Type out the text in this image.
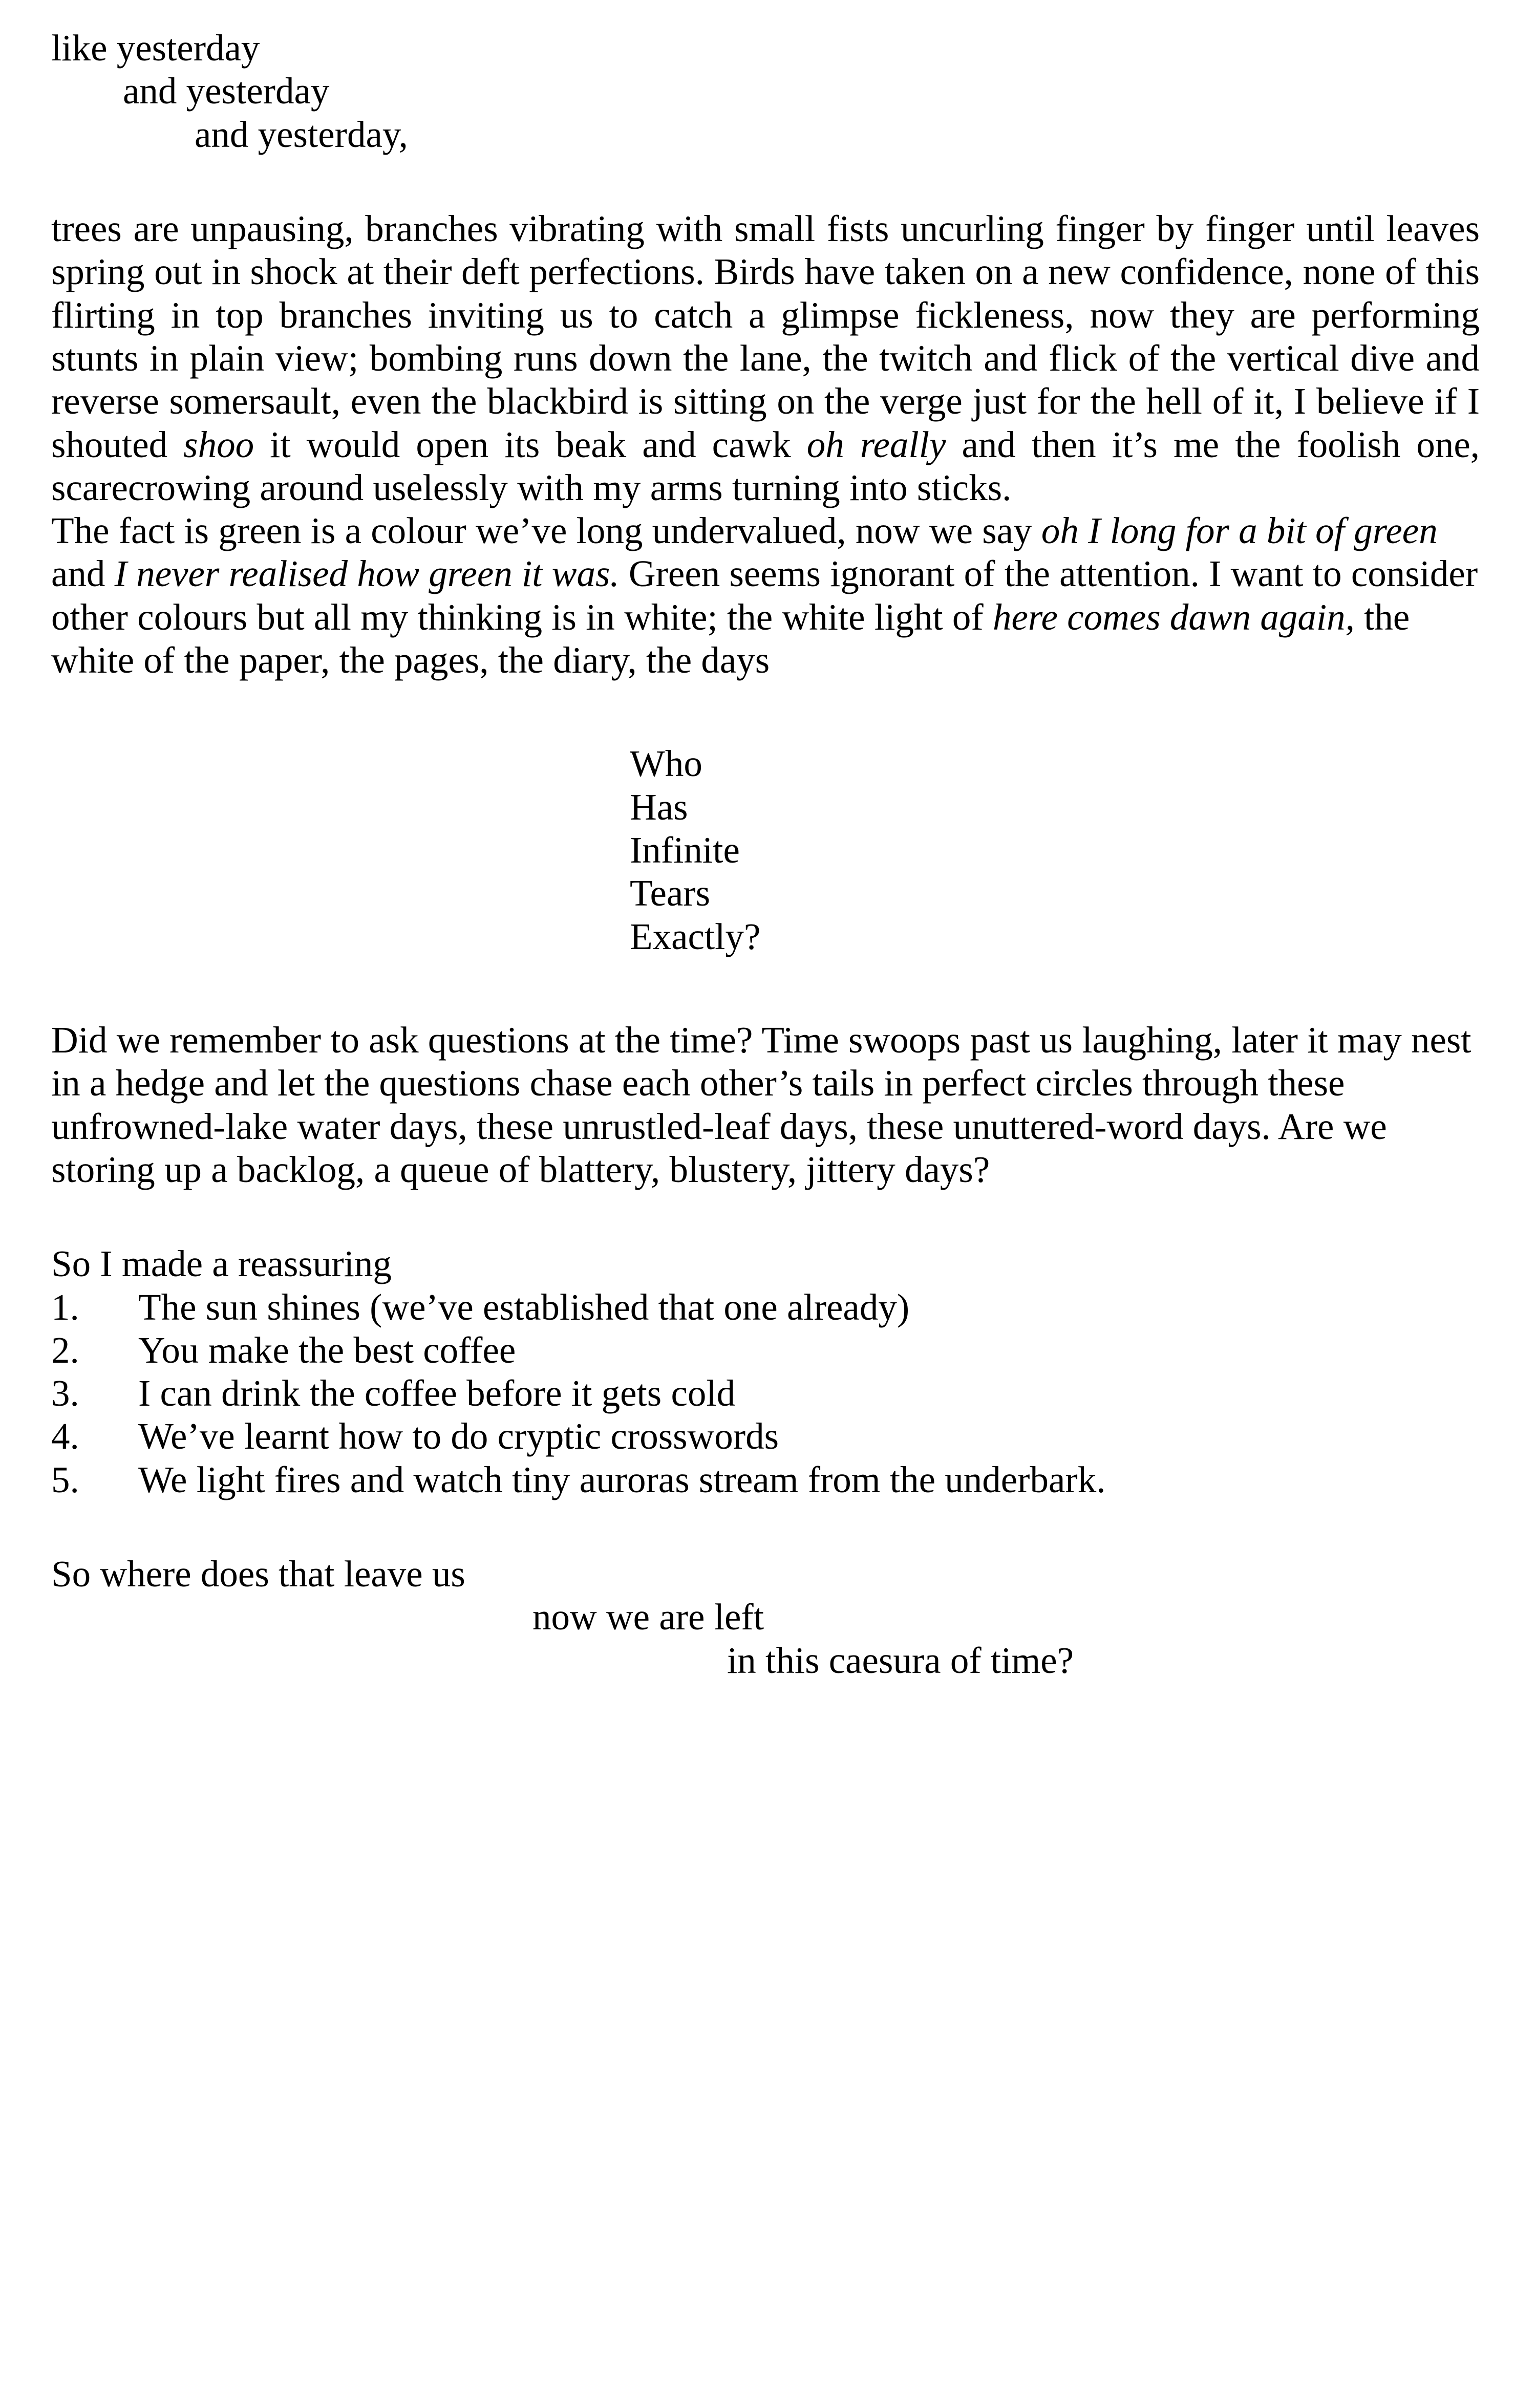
like yesterday
and yesterday
and yesterday,
trees are unpausing, branches vibrating with small fists uncurling finger by finger until leaves spring out in shock at their deft perfections. Birds have taken on a new confidence, none of this flirting in top branches inviting us to catch a glimpse fickleness, now they are performing stunts in plain view; bombing runs down the lane, the twitch and flick of the vertical dive and reverse somersault, even the blackbird is sitting on the verge just for the hell of it, I believe if I shouted shoo it would open its beak and cawk oh really and then it’s me the foolish one, scarecrowing around uselessly with my arms turning into sticks.
The fact is green is a colour we’ve long undervalued, now we say oh I long for a bit of green and I never realised how green it was. Green seems ignorant of the attention. I want to consider other colours but all my thinking is in white; the white light of here comes dawn again, the white of the paper, the pages, the diary, the days
Who
Has
Infinite
Tears
Exactly?
Did we remember to ask questions at the time? Time swoops past us laughing, later it may nest in a hedge and let the questions chase each other’s tails in perfect circles through these unfrowned-lake water days, these unrustled-leaf days, these unuttered-word days. Are we storing up a backlog, a queue of blattery, blustery, jittery days?
So I made a reassuring
1.	The sun shines (we’ve established that one already)
2.	You make the best coffee
3.	I can drink the coffee before it gets cold
4.	We’ve learnt how to do cryptic crosswords
5.	We light fires and watch tiny auroras stream from the underbark.
So where does that leave us
now we are left
in this caesura of time?
